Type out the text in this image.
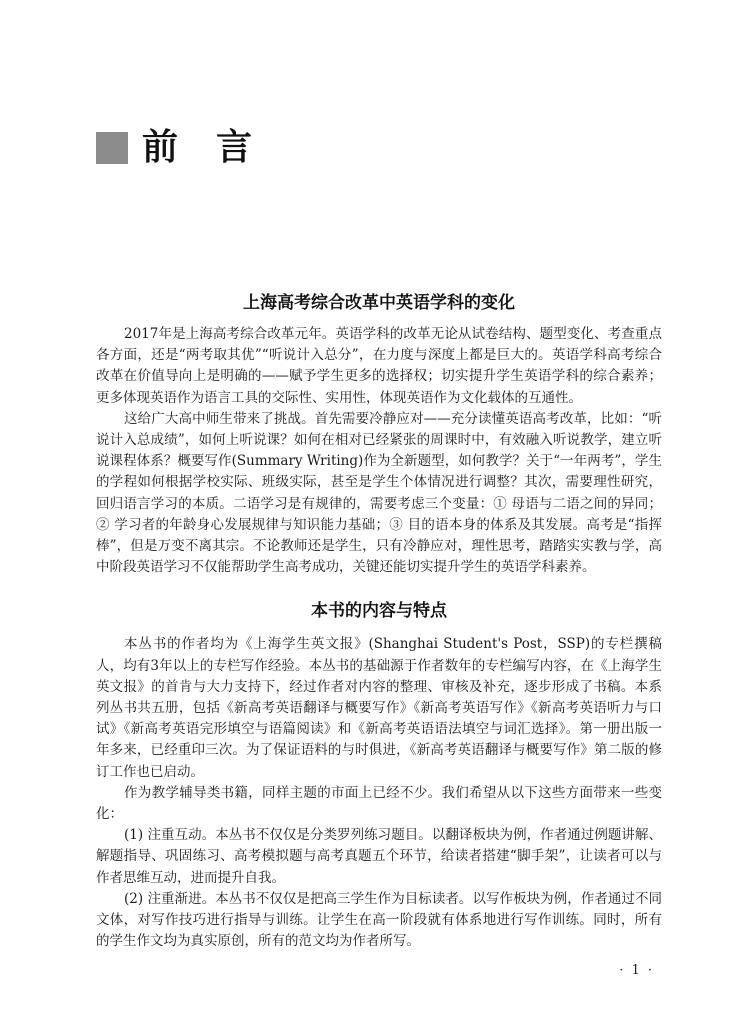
前言
上海高考综合改革中英语学科的变化

2017年是上海高考综合改革元年。英语学科的改革无论从试卷结构、题型变化、考查重点各方面，还是“两考取其优”“听说计入总分”，在力度与深度上都是巨大的。英语学科高考综合改革在价值导向上是明确的——赋予学生更多的选择权；切实提升学生英语学科的综合素养；更多体现英语作为语言工具的交际性、实用性，体现英语作为文化载体的互通性。

这给广大高中师生带来了挑战。首先需要冷静应对——充分读懂英语高考改革，比如：“听说计入总成绩”，如何上听说课？如何在相对已经紧张的周课时中，有效融入听说教学，建立听说课程体系？概要写作(Summary Writing)作为全新题型，如何教学？关于“一年两考”，学生的学程如何根据学校实际、班级实际，甚至是学生个体情况进行调整？其次，需要理性研究，回归语言学习的本质。二语学习是有规律的，需要考虑三个变量：① 母语与二语之间的异同；② 学习者的年龄身心发展规律与知识能力基础；③ 目的语本身的体系及其发展。高考是“指挥棒”，但是万变不离其宗。不论教师还是学生，只有冷静应对，理性思考，踏踏实实教与学，高中阶段英语学习不仅能帮助学生高考成功，关键还能切实提升学生的英语学科素养。

本书的内容与特点

本丛书的作者均为《上海学生英文报》(Shanghai Student's Post，SSP)的专栏撰稿人，均有3年以上的专栏写作经验。本丛书的基础源于作者数年的专栏编写内容，在《上海学生英文报》的首肯与大力支持下，经过作者对内容的整理、审核及补充，逐步形成了书稿。本系列丛书共五册，包括《新高考英语翻译与概要写作》《新高考英语写作》《新高考英语听力与口试》《新高考英语完形填空与语篇阅读》和《新高考英语语法填空与词汇选择》。第一册出版一年多来，已经重印三次。为了保证语料的与时俱进，《新高考英语翻译与概要写作》第二版的修订工作也已启动。

作为教学辅导类书籍，同样主题的市面上已经不少。我们希望从以下这些方面带来一些变化：

(1) 注重互动。本丛书不仅仅是分类罗列练习题目。以翻译板块为例，作者通过例题讲解、解题指导、巩固练习、高考模拟题与高考真题五个环节，给读者搭建“脚手架”，让读者可以与作者思维互动，进而提升自我。

(2) 注重渐进。本丛书不仅仅是把高三学生作为目标读者。以写作板块为例，作者通过不同文体，对写作技巧进行指导与训练。让学生在高一阶段就有体系地进行写作训练。同时，所有的学生作文均为真实原创，所有的范文均为作者所写。

· 1 ·
